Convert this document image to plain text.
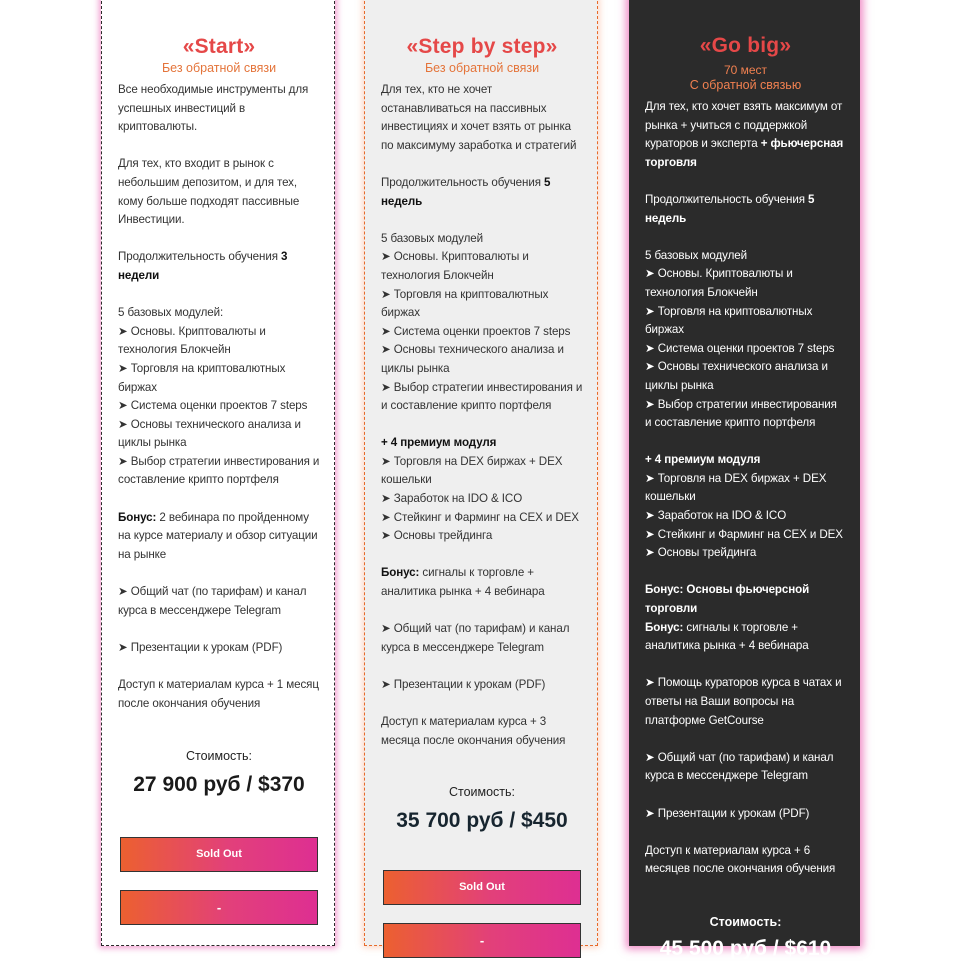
«Start»

Без обратной связи

Все необходимые инструменты для успешных инвестиций в криптовалюты.

Для тех, кто входит в рынок с небольшим депозитом, и для тех, кому больше подходят пассивные Инвестиции.

Продолжительность обучения 3 недели

5 базовых модулей:

➤ Основы. Криптовалюты и технология Блокчейн

➤ Торговля на криптовалютных биржах

➤ Система оценки проектов 7 steps

➤ Основы технического анализа и циклы рынка

➤ Выбор стратегии инвестирования и составление крипто портфеля

Бонус: 2 вебинара по пройденному на курсе материалу и обзор ситуации на рынке

➤ Общий чат (по тарифам) и канал курса в мессенджере Telegram

➤ Презентации к урокам (PDF)

Доступ к материалам курса + 1 месяц после окончания обучения

Стоимость:
27 900 руб / $370
Sold Out
-
«Step by step»

Без обратной связи

Для тех, кто не хочет останавливаться на пассивных инвестициях и хочет взять от рынка по максимуму заработка и стратегий

Продолжительность обучения 5 недель

5 базовых модулей

➤ Основы. Криптовалюты и технология Блокчейн

➤ Торговля на криптовалютных биржах

➤ Система оценки проектов 7 steps

➤ Основы технического анализа и циклы рынка

➤ Выбор стратегии инвестирования и и составление крипто портфеля

+ 4 премиум модуля

➤ Торговля на DEX биржах + DEX кошельки

➤ Заработок на IDO & ICO

➤ Стейкинг и Фарминг на CEX и DEX

➤ Основы трейдинга

Бонус: сигналы к торговле + аналитика рынка + 4 вебинара

➤ Общий чат (по тарифам) и канал курса в мессенджере Telegram

➤ Презентации к урокам (PDF)

Доступ к материалам курса + 3 месяца после окончания обучения

Стоимость:
35 700 руб / $450
Sold Out
-
«Go big»

70 мест

С обратной связью

Для тех, кто хочет взять максимум от рынка + учиться с поддержкой кураторов и эксперта + фьючерсная торговля

Продолжительность обучения 5 недель

5 базовых модулей

➤ Основы. Криптовалюты и технология Блокчейн

➤ Торговля на криптовалютных биржах

➤ Система оценки проектов 7 steps

➤ Основы технического анализа и циклы рынка

➤ Выбор стратегии инвестирования и составление крипто портфеля

+ 4 премиум модуля

➤ Торговля на DEX биржах + DEX кошельки

➤ Заработок на IDO & ICO

➤ Стейкинг и Фарминг на CEX и DEX

➤ Основы трейдинга

Бонус: Основы фьючерсной торговли

Бонус: сигналы к торговле + аналитика рынка + 4 вебинара

➤ Помощь кураторов курса в чатах и ответы на Ваши вопросы на платформе GetCourse

➤ Общий чат (по тарифам) и канал курса в мессенджере Telegram

➤ Презентации к урокам (PDF)

Доступ к материалам курса + 6 месяцев после окончания обучения

Стоимость:
45 500 руб / $610
